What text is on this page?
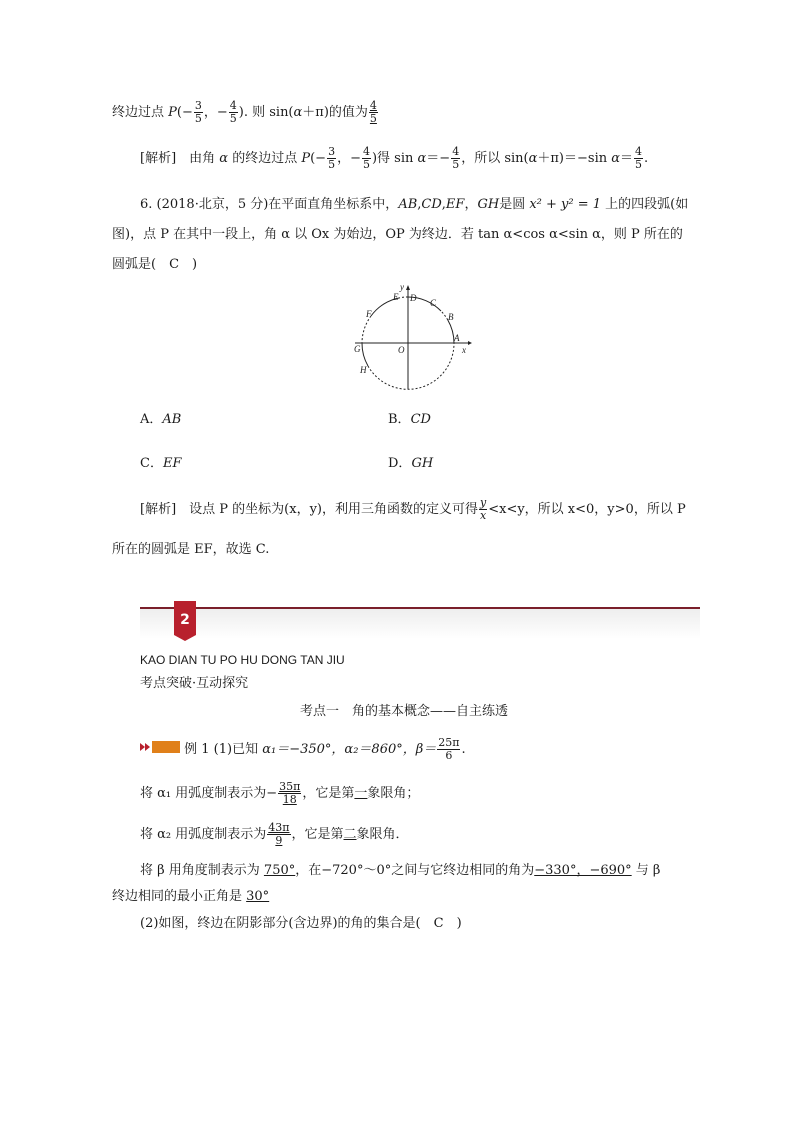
终边过点 $P(- \frac{3}{5}$ ，− $\frac{4}{5}$ ). 则 sin(α＋π)的值为 $\frac{4}{5}$
[解析]　由角 α 的终边过点 $P(- \frac{3}{5}$ ，− $\frac{4}{5}$ )得 $\sin \alpha=- \frac{4}{5}$ ，所以 sin(α＋π)＝−sin $\alpha= \frac{4}{5}$ .
6. (2018·北京，5 分)在平面直角坐标系中，AB,CD,EF，GH是圆 x² + y² = 1 上的四段弧(如
图)，点 P 在其中一段上，角 α 以 Ox 为始边，OP 为终边．若 tan α<cos α<sin α，则 P 所在的
圆弧是(　C　)
y
x
O
A
B
C
D
E
F
G
H
A．AB	B．CD
C．EF	D．GH
[解析]　设点 P 的坐标为(x，y)，利用三角函数的定义可得 $\frac{y}{x} <x<y$，所以 x<0，y>0，所以 P
所在的圆弧是 EF，故选 C.
2
KAO DIAN TU PO HU DONG TAN JIU
考点突破·互动探究
考点一　角的基本概念——自主练透
例 1 (1)已知 α₁＝−350°，α₂＝860°，$\beta= \frac{25\pi}{6}$ .
将 α₁ 用弧度制表示为− $\frac{35\pi}{18}$ ，它是第一象限角；
将 α₂ 用弧度制表示为 $\frac{43\pi}{9}$ ，它是第二象限角．
将 β 用角度制表示为 750°，在−720°～0°之间与它终边相同的角为−330°，−690° 与 β
终边相同的最小正角是 30°
(2)如图，终边在阴影部分(含边界)的角的集合是(　C　)
